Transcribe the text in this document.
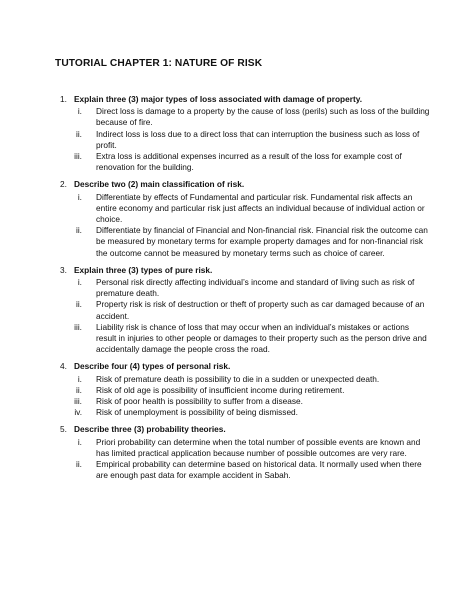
TUTORIAL CHAPTER 1: NATURE OF RISK
1. Explain three (3) major types of loss associated with damage of property.
i.	Direct loss is damage to a property by the cause of loss (perils) such as loss of the building because of fire.
ii.	Indirect loss is loss due to a direct loss that can interruption the business such as loss of profit.
iii.	Extra loss is additional expenses incurred as a result of the loss for example cost of renovation for the building.
2. Describe two (2) main classification of risk.
i.	Differentiate by effects of Fundamental and particular risk. Fundamental risk affects an entire economy and particular risk just affects an individual because of individual action or choice.
ii.	Differentiate by financial of Financial and Non-financial risk. Financial risk the outcome can be measured by monetary terms for example property damages and for non-financial risk the outcome cannot be measured by monetary terms such as choice of career.
3. Explain three (3) types of pure risk.
i.	Personal risk directly affecting individual’s income and standard of living such as risk of premature death.
ii.	Property risk is risk of destruction or theft of property such as car damaged because of an accident.
iii.	Liability risk is chance of loss that may occur when an individual’s mistakes or actions result in injuries to other people or damages to their property such as the person drive and accidentally damage the people cross the road.
4. Describe four (4) types of personal risk.
i.	Risk of premature death is possibility to die in a sudden or unexpected death.
ii.	Risk of old age is possibility of insufficient income during retirement.
iii.	Risk of poor health is possibility to suffer from a disease.
iv.	Risk of unemployment is possibility of being dismissed.
5. Describe three (3) probability theories.
i.	Priori probability can determine when the total number of possible events are known and has limited practical application because number of possible outcomes are very rare.
ii.	Empirical probability can determine based on historical data. It normally used when there are enough past data for example accident in Sabah.
